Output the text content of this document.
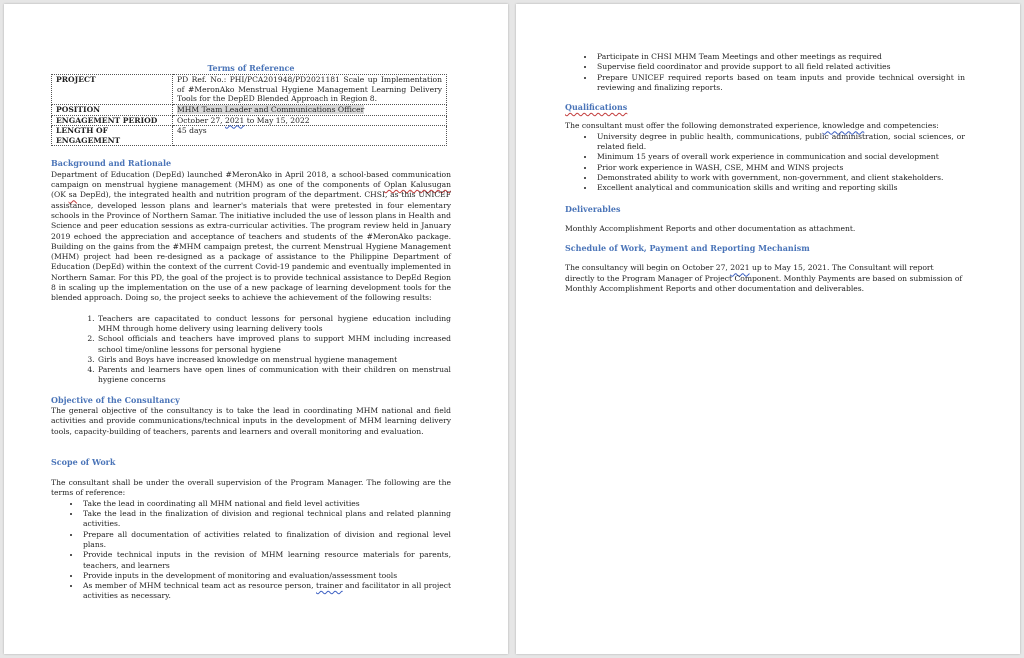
Terms of Reference
PROJECT	PD Ref. No.: PHI/PCA201948/PD2021181 Scale up Implementation of #MeronAko Menstrual Hygiene Management Learning Delivery Tools for the DepED Blended Approach in Region 8.
POSITION	MHM Team Leader and Communications Officer
ENGAGEMENT PERIOD	October 27, 2021 to May 15, 2022
LENGTH OF ENGAGEMENT	45 days
Background and Rationale

Department of Education (DepEd) launched #MeronAko in April 2018, a school-based communication campaign on menstrual hygiene management (MHM) as one of the components of Oplan Kalusugan (OK sa DepEd), the integrated health and nutrition program of the department. CHSI, as this UNICEF assistance, developed lesson plans and learner's materials that were pretested in four elementary schools in the Province of Northern Samar. The initiative included the use of lesson plans in Health and Science and peer education sessions as extra-curricular activities. The program review held in January 2019 echoed the appreciation and acceptance of teachers and students of the #MeronAko package. Building on the gains from the #MHM campaign pretest, the current Menstrual Hygiene Management (MHM) project had been re-designed as a package of assistance to the Philippine Department of Education (DepEd) within the context of the current Covid-19 pandemic and eventually implemented in Northern Samar. For this PD, the goal of the project is to provide technical assistance to DepEd Region 8 in scaling up the implementation on the use of a new package of learning development tools for the blended approach. Doing so, the project seeks to achieve the achievement of the following results:

1. Teachers are capacitated to conduct lessons for personal hygiene education including MHM through home delivery using learning delivery tools
2. School officials and teachers have improved plans to support MHM including increased school time/online lessons for personal hygiene
3. Girls and Boys have increased knowledge on menstrual hygiene management
4. Parents and learners have open lines of communication with their children on menstrual hygiene concerns
Objective of the Consultancy

The general objective of the consultancy is to take the lead in coordinating MHM national and field activities and provide communications/technical inputs in the development of MHM learning delivery tools, capacity-building of teachers, parents and learners and overall monitoring and evaluation.

Scope of Work

The consultant shall be under the overall supervision of the Program Manager. The following are the terms of reference:

• Take the lead in coordinating all MHM national and field level activities
• Take the lead in the finalization of division and regional technical plans and related planning activities.
• Prepare all documentation of activities related to finalization of division and regional level plans.
• Provide technical inputs in the revision of MHM learning resource materials for parents, teachers, and learners
• Provide inputs in the development of monitoring and evaluation/assessment tools
• As member of MHM technical team act as resource person, trainer and facilitator in all project activities as necessary.
• Participate in CHSI MHM Team Meetings and other meetings as required
• Supervise field coordinator and provide support to all field related activities
• Prepare UNICEF required reports based on team inputs and provide technical oversight in reviewing and finalizing reports.
Qualifications

The consultant must offer the following demonstrated experience, knowledge and competencies:

• University degree in public health, communications, public administration, social sciences, or related field.
• Minimum 15 years of overall work experience in communication and social development
• Prior work experience in WASH, CSE, MHM and WINS projects
• Demonstrated ability to work with government, non-government, and client stakeholders.
• Excellent analytical and communication skills and writing and reporting skills
Deliverables

Monthly Accomplishment Reports and other documentation as attachment.

Schedule of Work, Payment and Reporting Mechanism

The consultancy will begin on October 27, 2021 up to May 15, 2021. The Consultant will report directly to the Program Manager of Project Component. Monthly Payments are based on submission of Monthly Accomplishment Reports and other documentation and deliverables.
